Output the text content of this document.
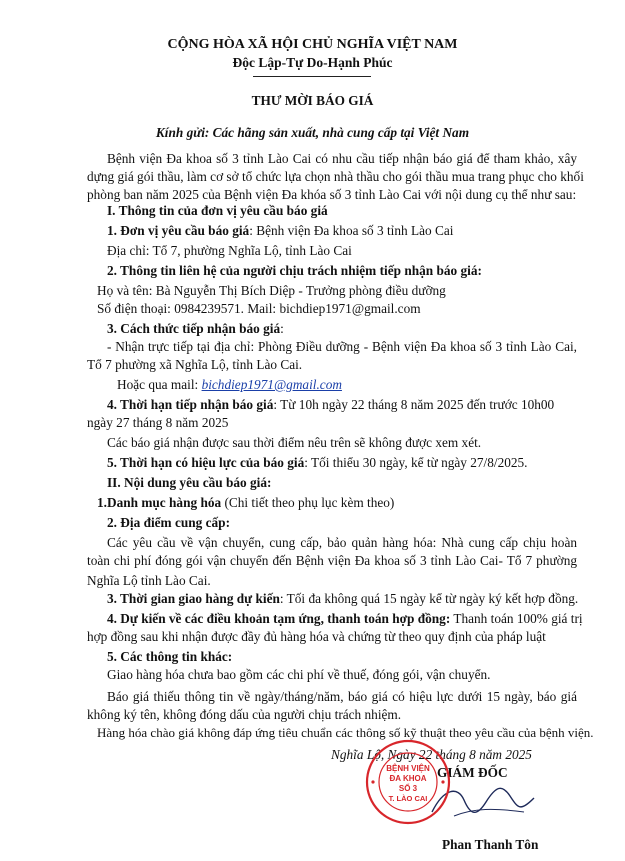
CỘNG HÒA XÃ HỘI CHỦ NGHĨA VIỆT NAM
Độc Lập-Tự Do-Hạnh Phúc
THƯ MỜI BÁO GIÁ
Kính gửi: Các hãng sản xuất, nhà cung cấp tại Việt Nam
Bệnh viện Đa khoa số 3 tỉnh Lào Cai có nhu cầu tiếp nhận báo giá để tham khảo, xây
dựng giá gói thầu, làm cơ sở tổ chức lựa chọn nhà thầu cho gói thầu mua trang phục cho khối
phòng ban năm 2025 của Bệnh viện Đa khóa số 3 tỉnh Lào Cai với nội dung cụ thể như sau:
I. Thông tin của đơn vị yêu cầu báo giá
1. Đơn vị yêu cầu báo giá: Bệnh viện Đa khoa số 3 tỉnh Lào Cai
Địa chỉ: Tổ 7, phường Nghĩa Lộ, tỉnh Lào Cai
2. Thông tin liên hệ của người chịu trách nhiệm tiếp nhận báo giá:
Họ và tên: Bà Nguyễn Thị Bích Diệp - Trưởng phòng điều dưỡng
Số điện thoại: 0984239571. Mail: bichdiep1971@gmail.com
3. Cách thức tiếp nhận báo giá:
- Nhận trực tiếp tại địa chỉ: Phòng Điều dưỡng - Bệnh viện Đa khoa số 3 tỉnh Lào Cai,
Tổ 7 phường xã Nghĩa Lộ, tỉnh Lào Cai.
Hoặc qua mail: bichdiep1971@gmail.com
4. Thời hạn tiếp nhận báo giá: Từ 10h ngày 22 tháng 8 năm 2025 đến trước 10h00
ngày 27 tháng 8 năm 2025
Các báo giá nhận được sau thời điểm nêu trên sẽ không được xem xét.
5. Thời hạn có hiệu lực của báo giá: Tối thiểu 30 ngày, kể từ ngày 27/8/2025.
II. Nội dung yêu cầu báo giá:
1.Danh mục hàng hóa (Chi tiết theo phụ lục kèm theo)
2. Địa điểm cung cấp:
Các yêu cầu về vận chuyển, cung cấp, bảo quản hàng hóa: Nhà cung cấp chịu hoàn
toàn chi phí đóng gói vận chuyển đến Bệnh viện Đa khoa số 3 tỉnh Lào Cai- Tổ 7 phường
Nghĩa Lộ tỉnh Lào Cai.
3. Thời gian giao hàng dự kiến: Tối đa không quá 15 ngày kể từ ngày ký kết hợp đồng.
4. Dự kiến về các điều khoản tạm ứng, thanh toán hợp đồng: Thanh toán 100% giá trị
hợp đồng sau khi nhận được đầy đủ hàng hóa và chứng từ theo quy định của pháp luật
5. Các thông tin khác:
Giao hàng hóa chưa bao gồm các chi phí về thuế, đóng gói, vận chuyển.
Báo giá thiếu thông tin về ngày/tháng/năm, báo giá có hiệu lực dưới 15 ngày, báo giá
không ký tên, không đóng dấu của người chịu trách nhiệm.
Hàng hóa chào giá không đáp ứng tiêu chuẩn các thông số kỹ thuật theo yêu cầu của bệnh viện.
Nghĩa Lộ, Ngày 22 tháng 8 năm 2025
GIÁM ĐỐC
BỆNH VIỆN
ĐA KHOA
SỐ 3
T. LÀO CAI
Phan Thanh Tôn
